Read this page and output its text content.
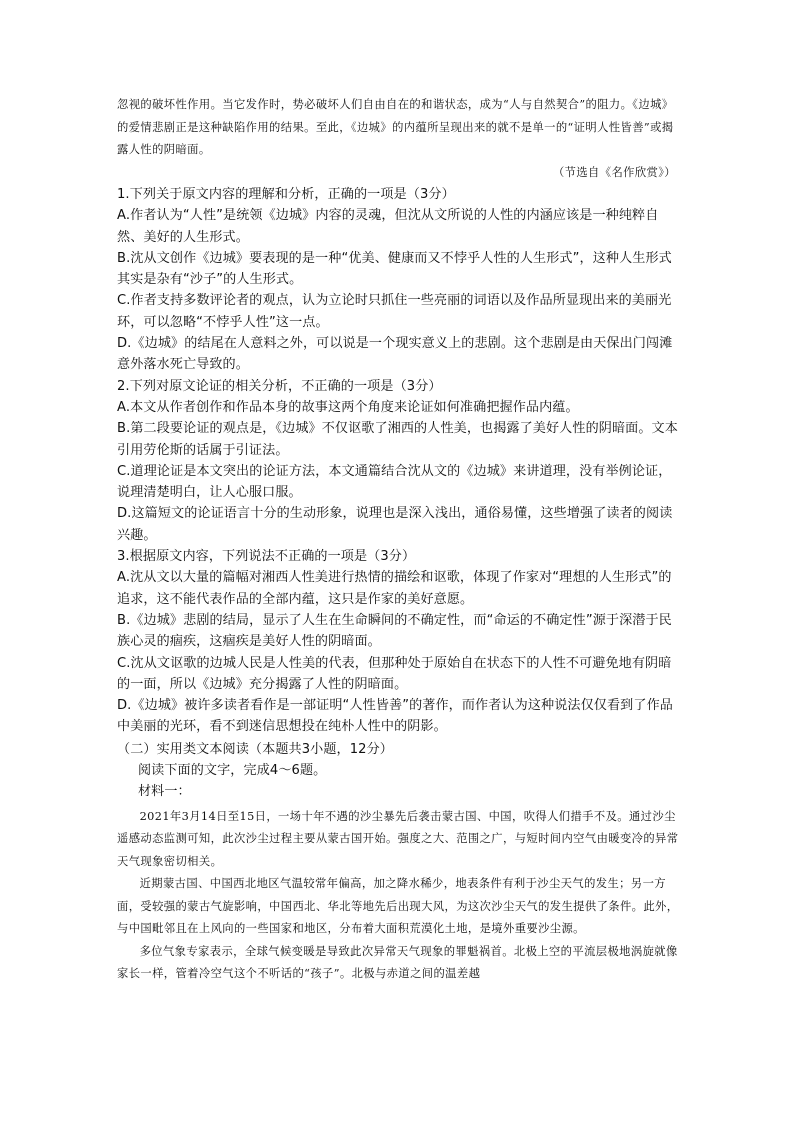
忽视的破坏性作用。当它发作时，势必破坏人们自由自在的和谐状态，成为“人与自然契合”的阻力。《边城》的爱情悲剧正是这种缺陷作用的结果。至此，《边城》的内蕴所呈现出来的就不是单一的“证明人性皆善”或揭露人性的阴暗面。

（节选自《名作欣赏》）

1.下列关于原文内容的理解和分析，正确的一项是（3分）

A.作者认为“人性”是统领《边城》内容的灵魂，但沈从文所说的人性的内涵应该是一种纯粹自然、美好的人生形式。

B.沈从文创作《边城》要表现的是一种“优美、健康而又不悖乎人性的人生形式”，这种人生形式其实是杂有“沙子”的人生形式。

C.作者支持多数评论者的观点，认为立论时只抓住一些亮丽的词语以及作品所显现出来的美丽光环，可以忽略“不悖乎人性”这一点。

D.《边城》的结尾在人意料之外，可以说是一个现实意义上的悲剧。这个悲剧是由天保出门闯滩意外落水死亡导致的。

2.下列对原文论证的相关分析，不正确的一项是（3分）

A.本文从作者创作和作品本身的故事这两个角度来论证如何准确把握作品内蕴。

B.第二段要论证的观点是，《边城》不仅讴歌了湘西的人性美，也揭露了美好人性的阴暗面。文本引用劳伦斯的话属于引证法。

C.道理论证是本文突出的论证方法，本文通篇结合沈从文的《边城》来讲道理，没有举例论证，说理清楚明白，让人心服口服。

D.这篇短文的论证语言十分的生动形象，说理也是深入浅出，通俗易懂，这些增强了读者的阅读兴趣。

3.根据原文内容，下列说法不正确的一项是（3分）

A.沈从文以大量的篇幅对湘西人性美进行热情的描绘和讴歌，体现了作家对“理想的人生形式”的追求，这不能代表作品的全部内蕴，这只是作家的美好意愿。

B.《边城》悲剧的结局，显示了人生在生命瞬间的不确定性，而“命运的不确定性”源于深潜于民族心灵的痼疾，这痼疾是美好人性的阴暗面。

C.沈从文讴歌的边城人民是人性美的代表，但那种处于原始自在状态下的人性不可避免地有阴暗的一面，所以《边城》充分揭露了人性的阴暗面。

D.《边城》被许多读者看作是一部证明“人性皆善”的著作，而作者认为这种说法仅仅看到了作品中美丽的光环，看不到迷信思想投在纯朴人性中的阴影。

（二）实用类文本阅读（本题共3小题，12分）

阅读下面的文字，完成4～6题。

材料一：

2021年3月14日至15日，一场十年不遇的沙尘暴先后袭击蒙古国、中国，吹得人们措手不及。通过沙尘遥感动态监测可知，此次沙尘过程主要从蒙古国开始。强度之大、范围之广，与短时间内空气由暖变冷的异常天气现象密切相关。

近期蒙古国、中国西北地区气温较常年偏高，加之降水稀少，地表条件有利于沙尘天气的发生；另一方面，受较强的蒙古气旋影响，中国西北、华北等地先后出现大风，为这次沙尘天气的发生提供了条件。此外，与中国毗邻且在上风向的一些国家和地区，分布着大面积荒漠化土地，是境外重要沙尘源。

多位气象专家表示，全球气候变暖是导致此次异常天气现象的罪魁祸首。北极上空的平流层极地涡旋就像家长一样，管着冷空气这个不听话的“孩子”。北极与赤道之间的温差越
